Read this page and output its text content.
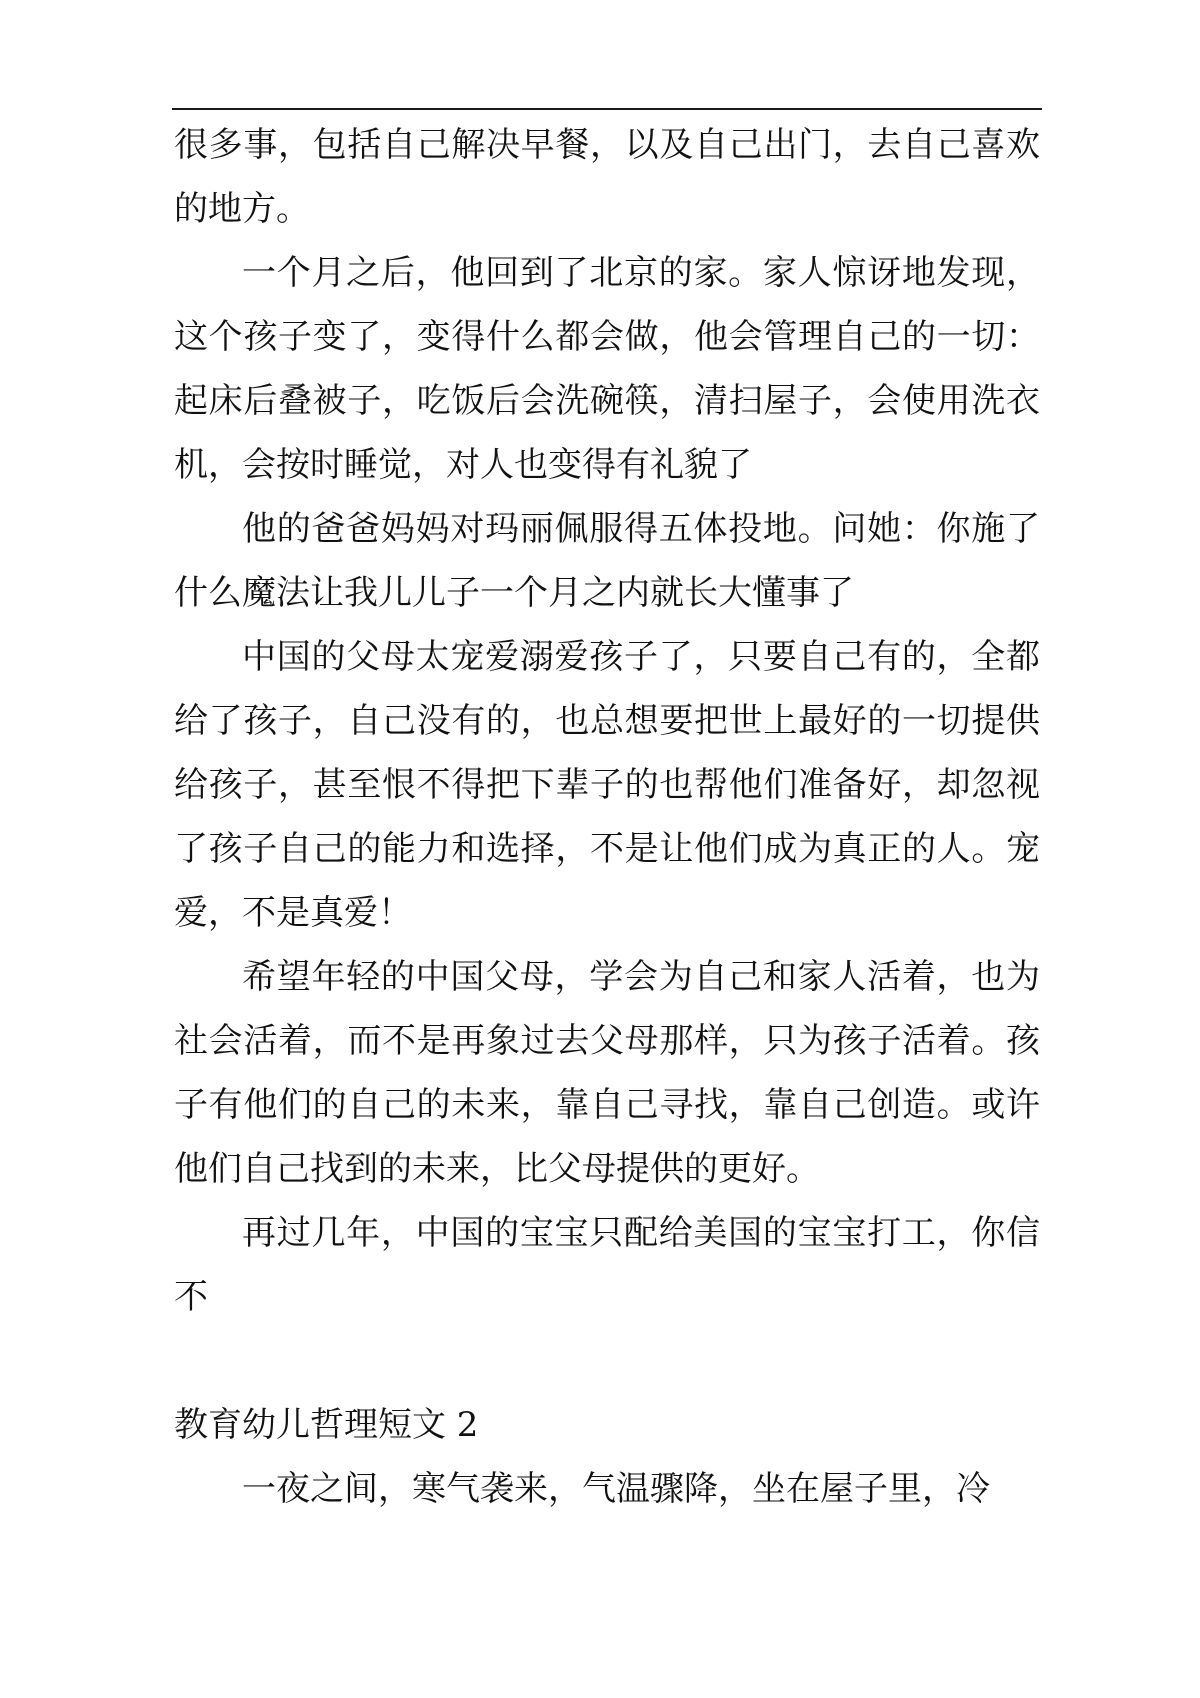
很多事，包括自己解决早餐，以及自己出门，去自己喜欢的地方。

一个月之后，他回到了北京的家。家人惊讶地发现，这个孩子变了，变得什么都会做，他会管理自己的一切：起床后叠被子，吃饭后会洗碗筷，清扫屋子，会使用洗衣机，会按时睡觉，对人也变得有礼貌了

他的爸爸妈妈对玛丽佩服得五体投地。问她：你施了什么魔法让我儿儿子一个月之内就长大懂事了

中国的父母太宠爱溺爱孩子了，只要自己有的，全都给了孩子，自己没有的，也总想要把世上最好的一切提供给孩子，甚至恨不得把下辈子的也帮他们准备好，却忽视了孩子自己的能力和选择，不是让他们成为真正的人。宠爱，不是真爱！

希望年轻的中国父母，学会为自己和家人活着，也为社会活着，而不是再象过去父母那样，只为孩子活着。孩子有他们的自己的未来，靠自己寻找，靠自己创造。或许他们自己找到的未来，比父母提供的更好。

再过几年，中国的宝宝只配给美国的宝宝打工，你信不

教育幼儿哲理短文 2

一夜之间，寒气袭来，气温骤降，坐在屋子里，冷
